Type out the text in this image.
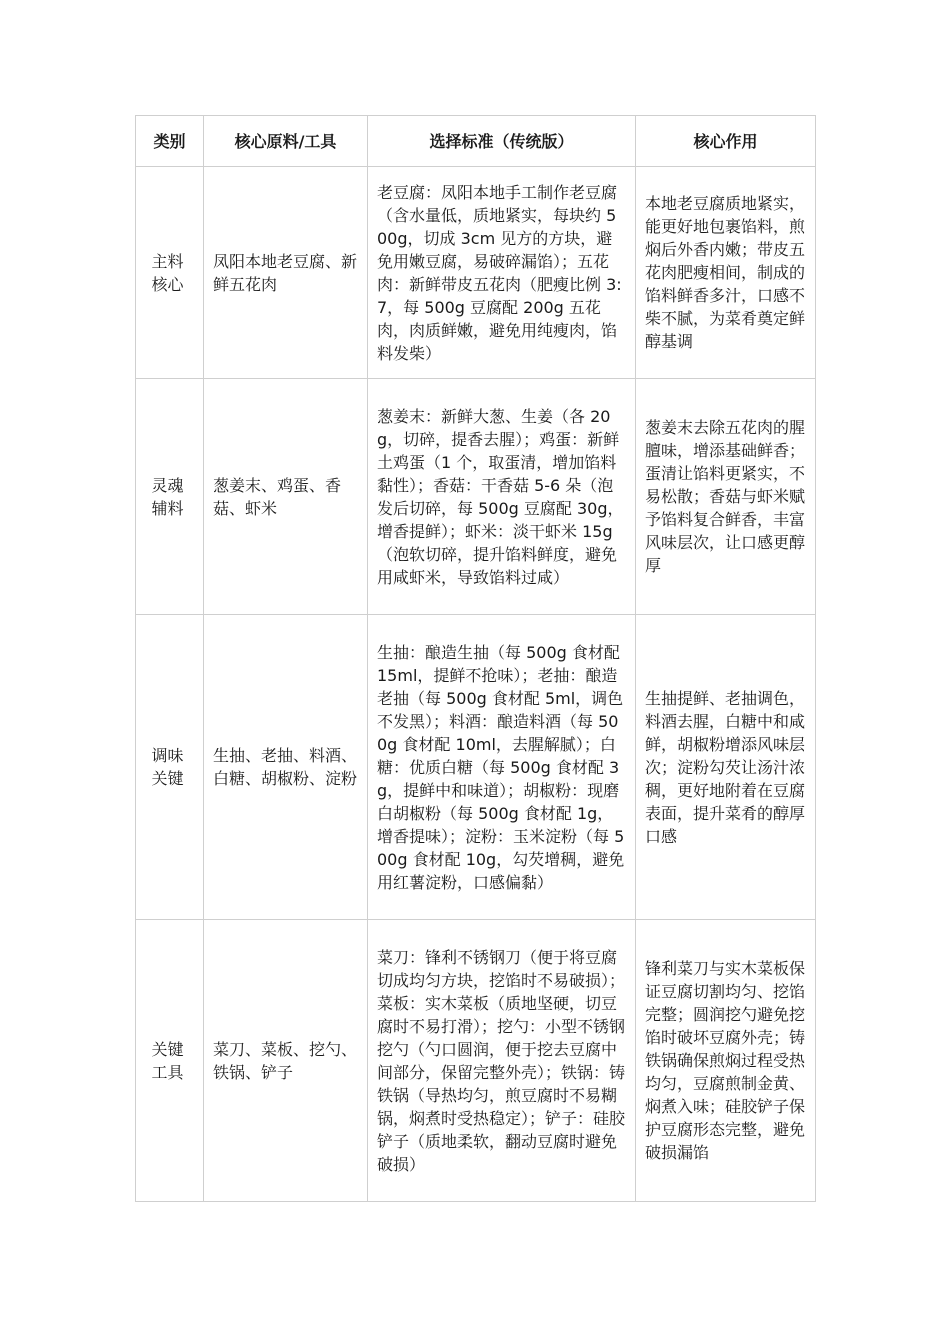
类别	核心原料/工具	选择标准（传统版）	核心作用
主料核心	凤阳本地老豆腐、新鲜五花肉	老豆腐：凤阳本地手工制作老豆腐（含水量低，质地紧实，每块约 500g，切成 3cm 见方的方块，避免用嫩豆腐，易破碎漏馅）；五花肉：新鲜带皮五花肉（肥瘦比例 3:7，每 500g 豆腐配 200g 五花肉，肉质鲜嫩，避免用纯瘦肉，馅料发柴）	本地老豆腐质地紧实，能更好地包裹馅料，煎焖后外香内嫩；带皮五花肉肥瘦相间，制成的馅料鲜香多汁，口感不柴不腻，为菜肴奠定鲜醇基调
灵魂辅料	葱姜末、鸡蛋、香菇、虾米	葱姜末：新鲜大葱、生姜（各 20g，切碎，提香去腥）；鸡蛋：新鲜土鸡蛋（1 个，取蛋清，增加馅料黏性）；香菇：干香菇 5-6 朵（泡发后切碎，每 500g 豆腐配 30g，增香提鲜）；虾米：淡干虾米 15g（泡软切碎，提升馅料鲜度，避免用咸虾米，导致馅料过咸）	葱姜末去除五花肉的腥膻味，增添基础鲜香；蛋清让馅料更紧实，不易松散；香菇与虾米赋予馅料复合鲜香，丰富风味层次，让口感更醇厚
调味关键	生抽、老抽、料酒、白糖、胡椒粉、淀粉	生抽：酿造生抽（每 500g 食材配 15ml，提鲜不抢味）；老抽：酿造老抽（每 500g 食材配 5ml，调色不发黑）；料酒：酿造料酒（每 500g 食材配 10ml，去腥解腻）；白糖：优质白糖（每 500g 食材配 3g，提鲜中和味道）；胡椒粉：现磨白胡椒粉（每 500g 食材配 1g，增香提味）；淀粉：玉米淀粉（每 500g 食材配 10g，勾芡增稠，避免用红薯淀粉，口感偏黏）	生抽提鲜、老抽调色，料酒去腥，白糖中和咸鲜，胡椒粉增添风味层次；淀粉勾芡让汤汁浓稠，更好地附着在豆腐表面，提升菜肴的醇厚口感
关键工具	菜刀、菜板、挖勺、铁锅、铲子	菜刀：锋利不锈钢刀（便于将豆腐切成均匀方块，挖馅时不易破损）；菜板：实木菜板（质地坚硬，切豆腐时不易打滑）；挖勺：小型不锈钢挖勺（勺口圆润，便于挖去豆腐中间部分，保留完整外壳）；铁锅：铸铁锅（导热均匀，煎豆腐时不易糊锅，焖煮时受热稳定）；铲子：硅胶铲子（质地柔软，翻动豆腐时避免破损）	锋利菜刀与实木菜板保证豆腐切割均匀、挖馅完整；圆润挖勺避免挖馅时破坏豆腐外壳；铸铁锅确保煎焖过程受热均匀，豆腐煎制金黄、焖煮入味；硅胶铲子保护豆腐形态完整，避免破损漏馅
